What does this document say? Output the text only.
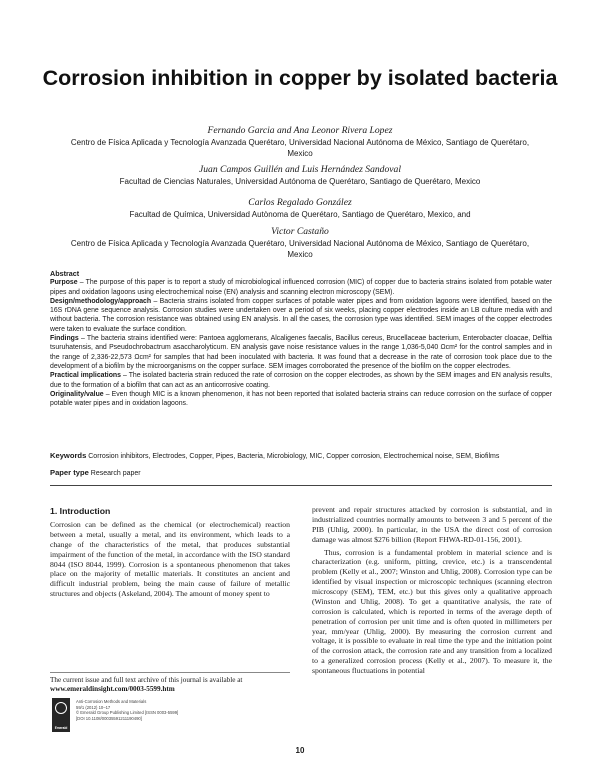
Corrosion inhibition in copper by isolated bacteria
Fernando Garcia and Ana Leonor Rivera Lopez
Centro de Física Aplicada y Tecnología Avanzada Querétaro, Universidad Nacional Autónoma de México, Santiago de Querétaro, Mexico
Juan Campos Guillén and Luis Hernández Sandoval
Facultad de Ciencias Naturales, Universidad Autónoma de Querétaro, Santiago de Querétaro, Mexico
Carlos Regalado González
Facultad de Química, Universidad Autònoma de Querétaro, Santiago de Querétaro, Mexico, and
Victor Castaño
Centro de Física Aplicada y Tecnología Avanzada Querétaro, Universidad Nacional Autónoma de México, Santiago de Querétaro, Mexico

Abstract

Purpose – The purpose of this paper is to report a study of microbiological influenced corrosion (MIC) of copper due to bacteria strains isolated from potable water pipes and oxidation lagoons using electrochemical noise (EN) analysis and scanning electron microscopy (SEM).

Design/methodology/approach – Bacteria strains isolated from copper surfaces of potable water pipes and from oxidation lagoons were identified, based on the 16S rDNA gene sequence analysis. Corrosion studies were undertaken over a period of six weeks, placing copper electrodes inside an LB culture media with and without bacteria. The corrosion resistance was obtained using EN analysis. In all the cases, the corrosion type was identified. SEM images of the copper electrodes were taken to evaluate the surface condition.

Findings – The bacteria strains identified were: Pantoea agglomerans, Alcaligenes faecalis, Bacillus cereus, Brucellaceae bacterium, Enterobacter cloacae, Delftia tsuruhatensis, and Pseudochrobactrum asaccharolyticum. EN analysis gave noise resistance values in the range 1,036-5,040 Ωcm² for the control samples and in the range of 2,336-22,573 Ωcm² for samples that had been inoculated with bacteria. It was found that a decrease in the rate of corrosion took place due to the development of a biofilm by the microorganisms on the copper surface. SEM images corroborated the presence of the biofilm on the copper electrodes.

Practical implications – The isolated bacteria strain reduced the rate of corrosion on the copper electrodes, as shown by the SEM images and EN analysis results, due to the formation of a biofilm that can act as an anticorrosive coating.

Originality/value – Even though MIC is a known phenomenon, it has not been reported that isolated bacteria strains can reduce corrosion on the surface of copper potable water pipes and in oxidation lagoons.

Keywords Corrosion inhibitors, Electrodes, Copper, Pipes, Bacteria, Microbiology, MIC, Copper corrosion, Electrochemical noise, SEM, Biofilms
Paper type Research paper
1. Introduction

Corrosion can be defined as the chemical (or electrochemical) reaction between a metal, usually a metal, and its environment, which leads to a change of the characteristics of the metal, that produces substantial impairment of the function of the metal, in accordance with the ISO standard 8044 (ISO 8044, 1999). Corrosion is a spontaneous phenomenon that takes place on the majority of metallic materials. It constitutes an ancient and difficult industrial problem, being the main cause of failure of metallic structures and objects (Askeland, 2004). The amount of money spent to

prevent and repair structures attacked by corrosion is substantial, and in industrialized countries normally amounts to between 3 and 5 percent of the PIB (Uhlig, 2000). In particular, in the USA the direct cost of corrosion damage was almost $276 billion (Report FHWA-RD-01-156, 2001).

Thus, corrosion is a fundamental problem in material science and is characterization (e.g. uniform, pitting, crevice, etc.) is a transcendental problem (Kelly et al., 2007; Winston and Uhlig, 2008). Corrosion type can be identified by visual inspection or microscopic techniques (scanning electron microscopy (SEM), TEM, etc.) but this gives only a qualitative approach (Winston and Uhlig, 2008). To get a quantitative analysis, the rate of corrosion is calculated, which is reported in terms of the average depth of penetration of corrosion per unit time and is often quoted in millimeters per year, mm/year (Uhlig, 2000). By measuring the corrosion current and voltage, it is possible to evaluate in real time the type and the initiation point of the corrosion attack, the corrosion rate and any transition from a localized to a generalized corrosion process (Kelly et al., 2007). To measure it, the spontaneous fluctuations in potential

The current issue and full text archive of this journal is available at
www.emeraldinsight.com/0003-5599.htm
Emerald
Anti-Corrosion Methods and Materials
59/1 (2012) 10–17
© Emerald Group Publishing Limited [ISSN 0003-5599]
[DOI 10.1108/00035591211190490]
10
